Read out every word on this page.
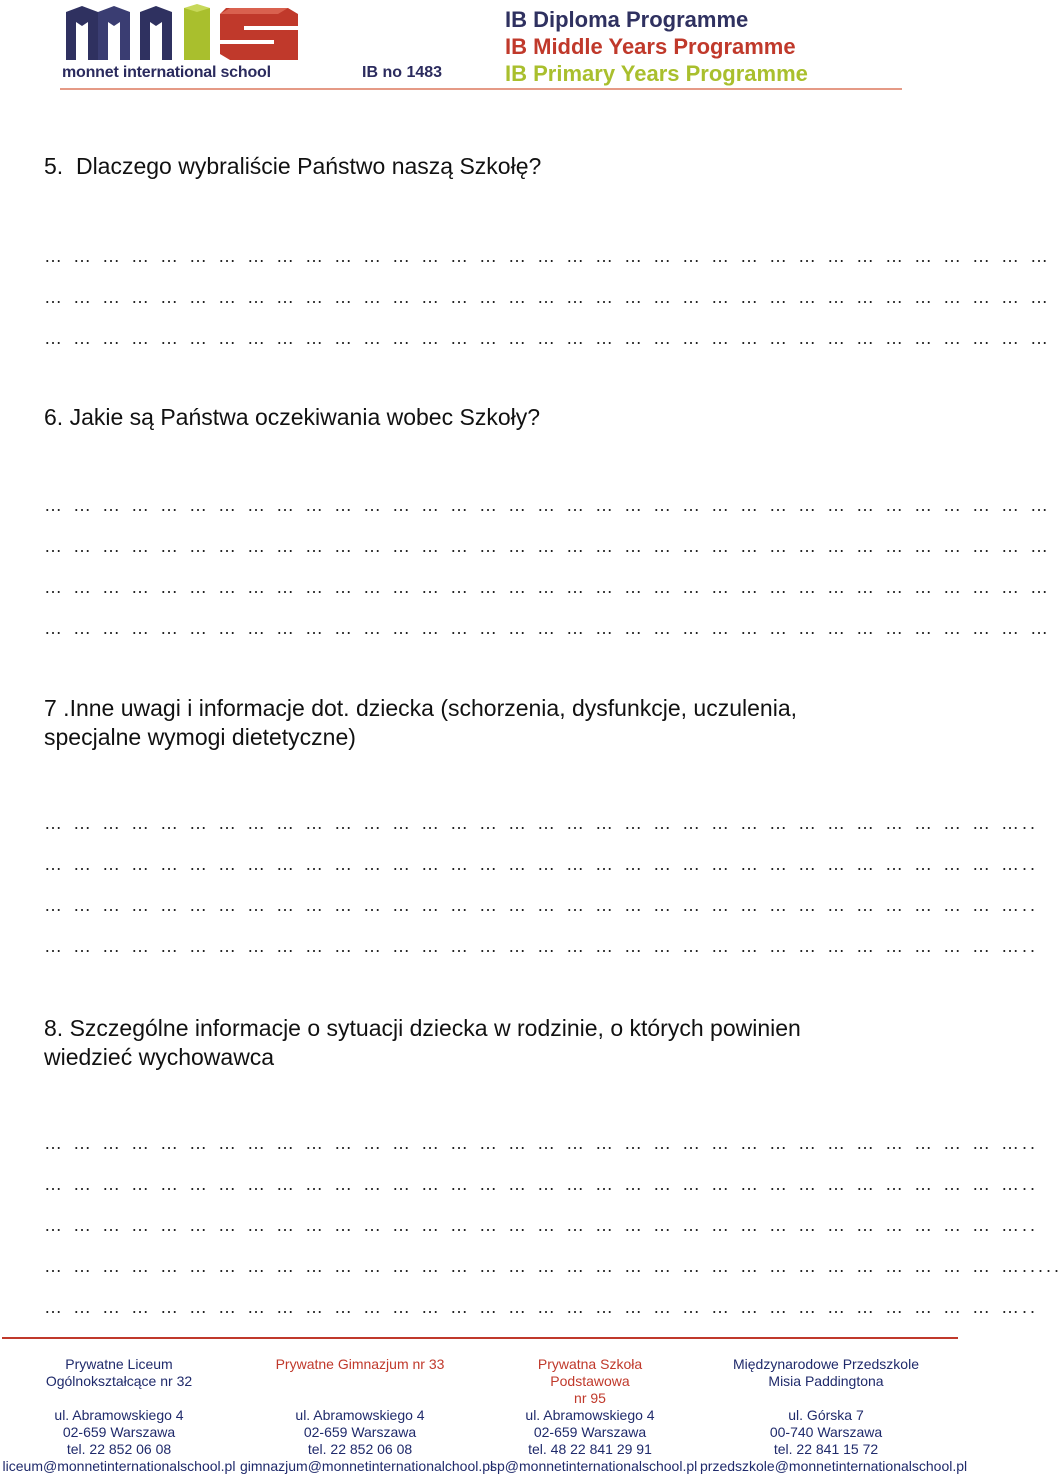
monnet international school	IB no 1483
IB Diploma Programme
IB Middle Years Programme
IB Primary Years Programme

5.  Dlaczego wybraliście Państwo naszą Szkołę?

… … … … … … … … … … … … … … … … … … … … … … … … … … … … … … … … … … …

… … … … … … … … … … … … … … … … … … … … … … … … … … … … … … … … … … …

… … … … … … … … … … … … … … … … … … … … … … … … … … … … … … … … … … …

6. Jakie są Państwa oczekiwania wobec Szkoły?

… … … … … … … … … … … … … … … … … … … … … … … … … … … … … … … … … … …

… … … … … … … … … … … … … … … … … … … … … … … … … … … … … … … … … … …

… … … … … … … … … … … … … … … … … … … … … … … … … … … … … … … … … … …

… … … … … … … … … … … … … … … … … … … … … … … … … … … … … … … … … … …

7 .Inne uwagi i informacje dot. dziecka (schorzenia, dysfunkcje, uczulenia,
specjalne wymogi dietetyczne)

… … … … … … … … … … … … … … … … … … … … … … … … … … … … … … … … … …..

… … … … … … … … … … … … … … … … … … … … … … … … … … … … … … … … … …..

… … … … … … … … … … … … … … … … … … … … … … … … … … … … … … … … … …..

… … … … … … … … … … … … … … … … … … … … … … … … … … … … … … … … … …..

8. Szczególne informacje o sytuacji dziecka w rodzinie, o których powinien
wiedzieć wychowawca

… … … … … … … … … … … … … … … … … … … … … … … … … … … … … … … … … …..

… … … … … … … … … … … … … … … … … … … … … … … … … … … … … … … … … …..

… … … … … … … … … … … … … … … … … … … … … … … … … … … … … … … … … …..

… … … … … … … … … … … … … … … … … … … … … … … … … … … … … … … … … ….....

… … … … … … … … … … … … … … … … … … … … … … … … … … … … … … … … … …..

Prywatne Liceum

Ogólnokształcące nr 32

ul. Abramowskiego 4

02-659 Warszawa

tel. 22 852 06 08

liceum@monnetinternationalschool.pl

Prywatne Gimnazjum nr 33

ul. Abramowskiego 4

02-659 Warszawa

tel. 22 852 06 08

gimnazjum@monnetinternationalchool.pl

Prywatna Szkoła

Podstawowa

nr 95

ul. Abramowskiego 4

02-659 Warszawa

tel. 48 22 841 29 91

sp@monnetinternationalschool.pl

Międzynarodowe Przedszkole

Misia Paddingtona

ul. Górska 7

00-740 Warszawa

tel. 22 841 15 72

przedszkole@monnetinternationalschool.pl
